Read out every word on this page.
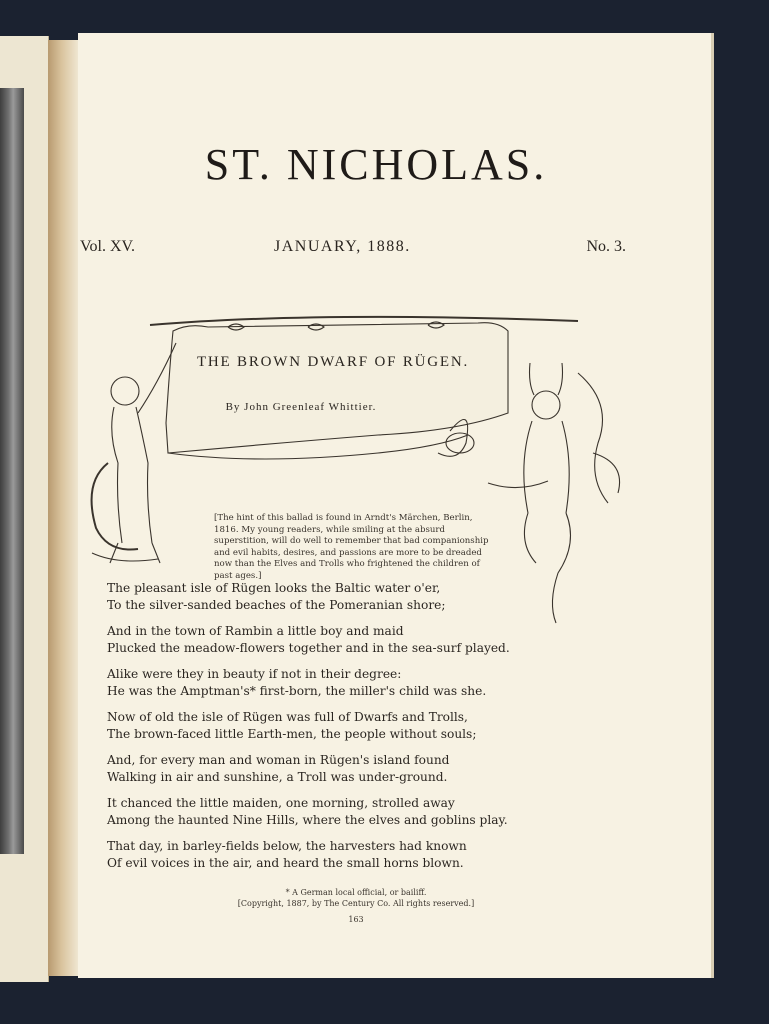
ST. NICHOLAS.
Vol. XV.	JANUARY, 1888.	No. 3.
THE BROWN DWARF OF RÜGEN.
By John Greenleaf Whittier.
[The hint of this ballad is found in Arndt's Märchen, Berlin, 1816. My young readers, while smiling at the absurd superstition, will do well to remember that bad companionship and evil habits, desires, and passions are more to be dreaded now than the Elves and Trolls who frightened the children of past ages.]
The pleasant isle of Rügen looks the Baltic water o'er,
To the silver-sanded beaches of the Pomeranian shore;
And in the town of Rambin a little boy and maid
Plucked the meadow-flowers together and in the sea-surf played.
Alike were they in beauty if not in their degree:
He was the Amptman's* first-born, the miller's child was she.
Now of old the isle of Rügen was full of Dwarfs and Trolls,
The brown-faced little Earth-men, the people without souls;
And, for every man and woman in Rügen's island found
Walking in air and sunshine, a Troll was under-ground.
It chanced the little maiden, one morning, strolled away
Among the haunted Nine Hills, where the elves and goblins play.
That day, in barley-fields below, the harvesters had known
Of evil voices in the air, and heard the small horns blown.
* A German local official, or bailiff.
[Copyright, 1887, by The Century Co. All rights reserved.]
163
